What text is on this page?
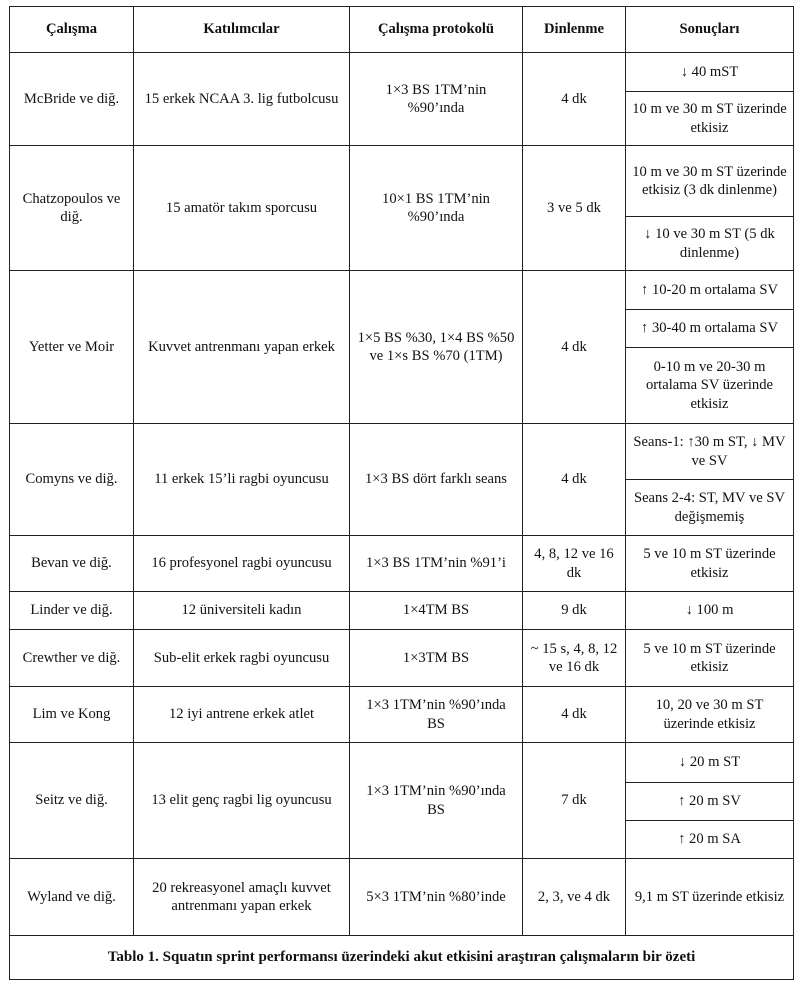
Çalışma	Katılımcılar	Çalışma protokolü	Dinlenme	Sonuçları
McBride ve diğ.	15 erkek NCAA 3. lig futbolcusu	1×3 BS 1TM’nin %90’ında	4 dk	↓ 40 mST
				10 m ve 30 m ST üzerinde etkisiz
Chatzopoulos ve diğ.	15 amatör takım sporcusu	10×1 BS 1TM’nin %90’ında	3 ve 5 dk	10 m ve 30 m ST üzerinde etkisiz (3 dk dinlenme)
				↓ 10 ve 30 m ST (5 dk dinlenme)
Yetter ve Moir	Kuvvet antrenmanı yapan erkek	1×5 BS %30, 1×4 BS %50 ve 1×s BS %70 (1TM)	4 dk	↑ 10-20 m ortalama SV
				↑ 30-40 m ortalama SV
				0-10 m ve 20-30 m ortalama SV üzerinde etkisiz
Comyns ve diğ.	11 erkek 15’li ragbi oyuncusu	1×3 BS dört farklı seans	4 dk	Seans-1: ↑30 m ST, ↓ MV ve SV
				Seans 2-4: ST, MV ve SV değişmemiş
Bevan ve diğ.	16 profesyonel ragbi oyuncusu	1×3 BS 1TM’nin %91’i	4, 8, 12 ve 16 dk	5 ve 10 m ST üzerinde etkisiz
Linder ve diğ.	12 üniversiteli kadın	1×4TM BS	9 dk	↓ 100 m
Crewther ve diğ.	Sub-elit erkek ragbi oyuncusu	1×3TM BS	~ 15 s, 4, 8, 12 ve 16 dk	5 ve 10 m ST üzerinde etkisiz
Lim ve Kong	12 iyi antrene erkek atlet	1×3 1TM’nin %90’ında BS	4 dk	10, 20 ve 30 m ST üzerinde etkisiz
Seitz ve diğ.	13 elit genç ragbi lig oyuncusu	1×3 1TM’nin %90’ında BS	7 dk	↓ 20 m ST
				↑ 20 m SV
				↑ 20 m SA
Wyland ve diğ.	20 rekreasyonel amaçlı kuvvet antrenmanı yapan erkek	5×3 1TM’nin %80’inde	2, 3, ve 4 dk	9,1 m ST üzerinde etkisiz
Tablo 1. Squatın sprint performansı üzerindeki akut etkisini araştıran çalışmaların bir özeti				
